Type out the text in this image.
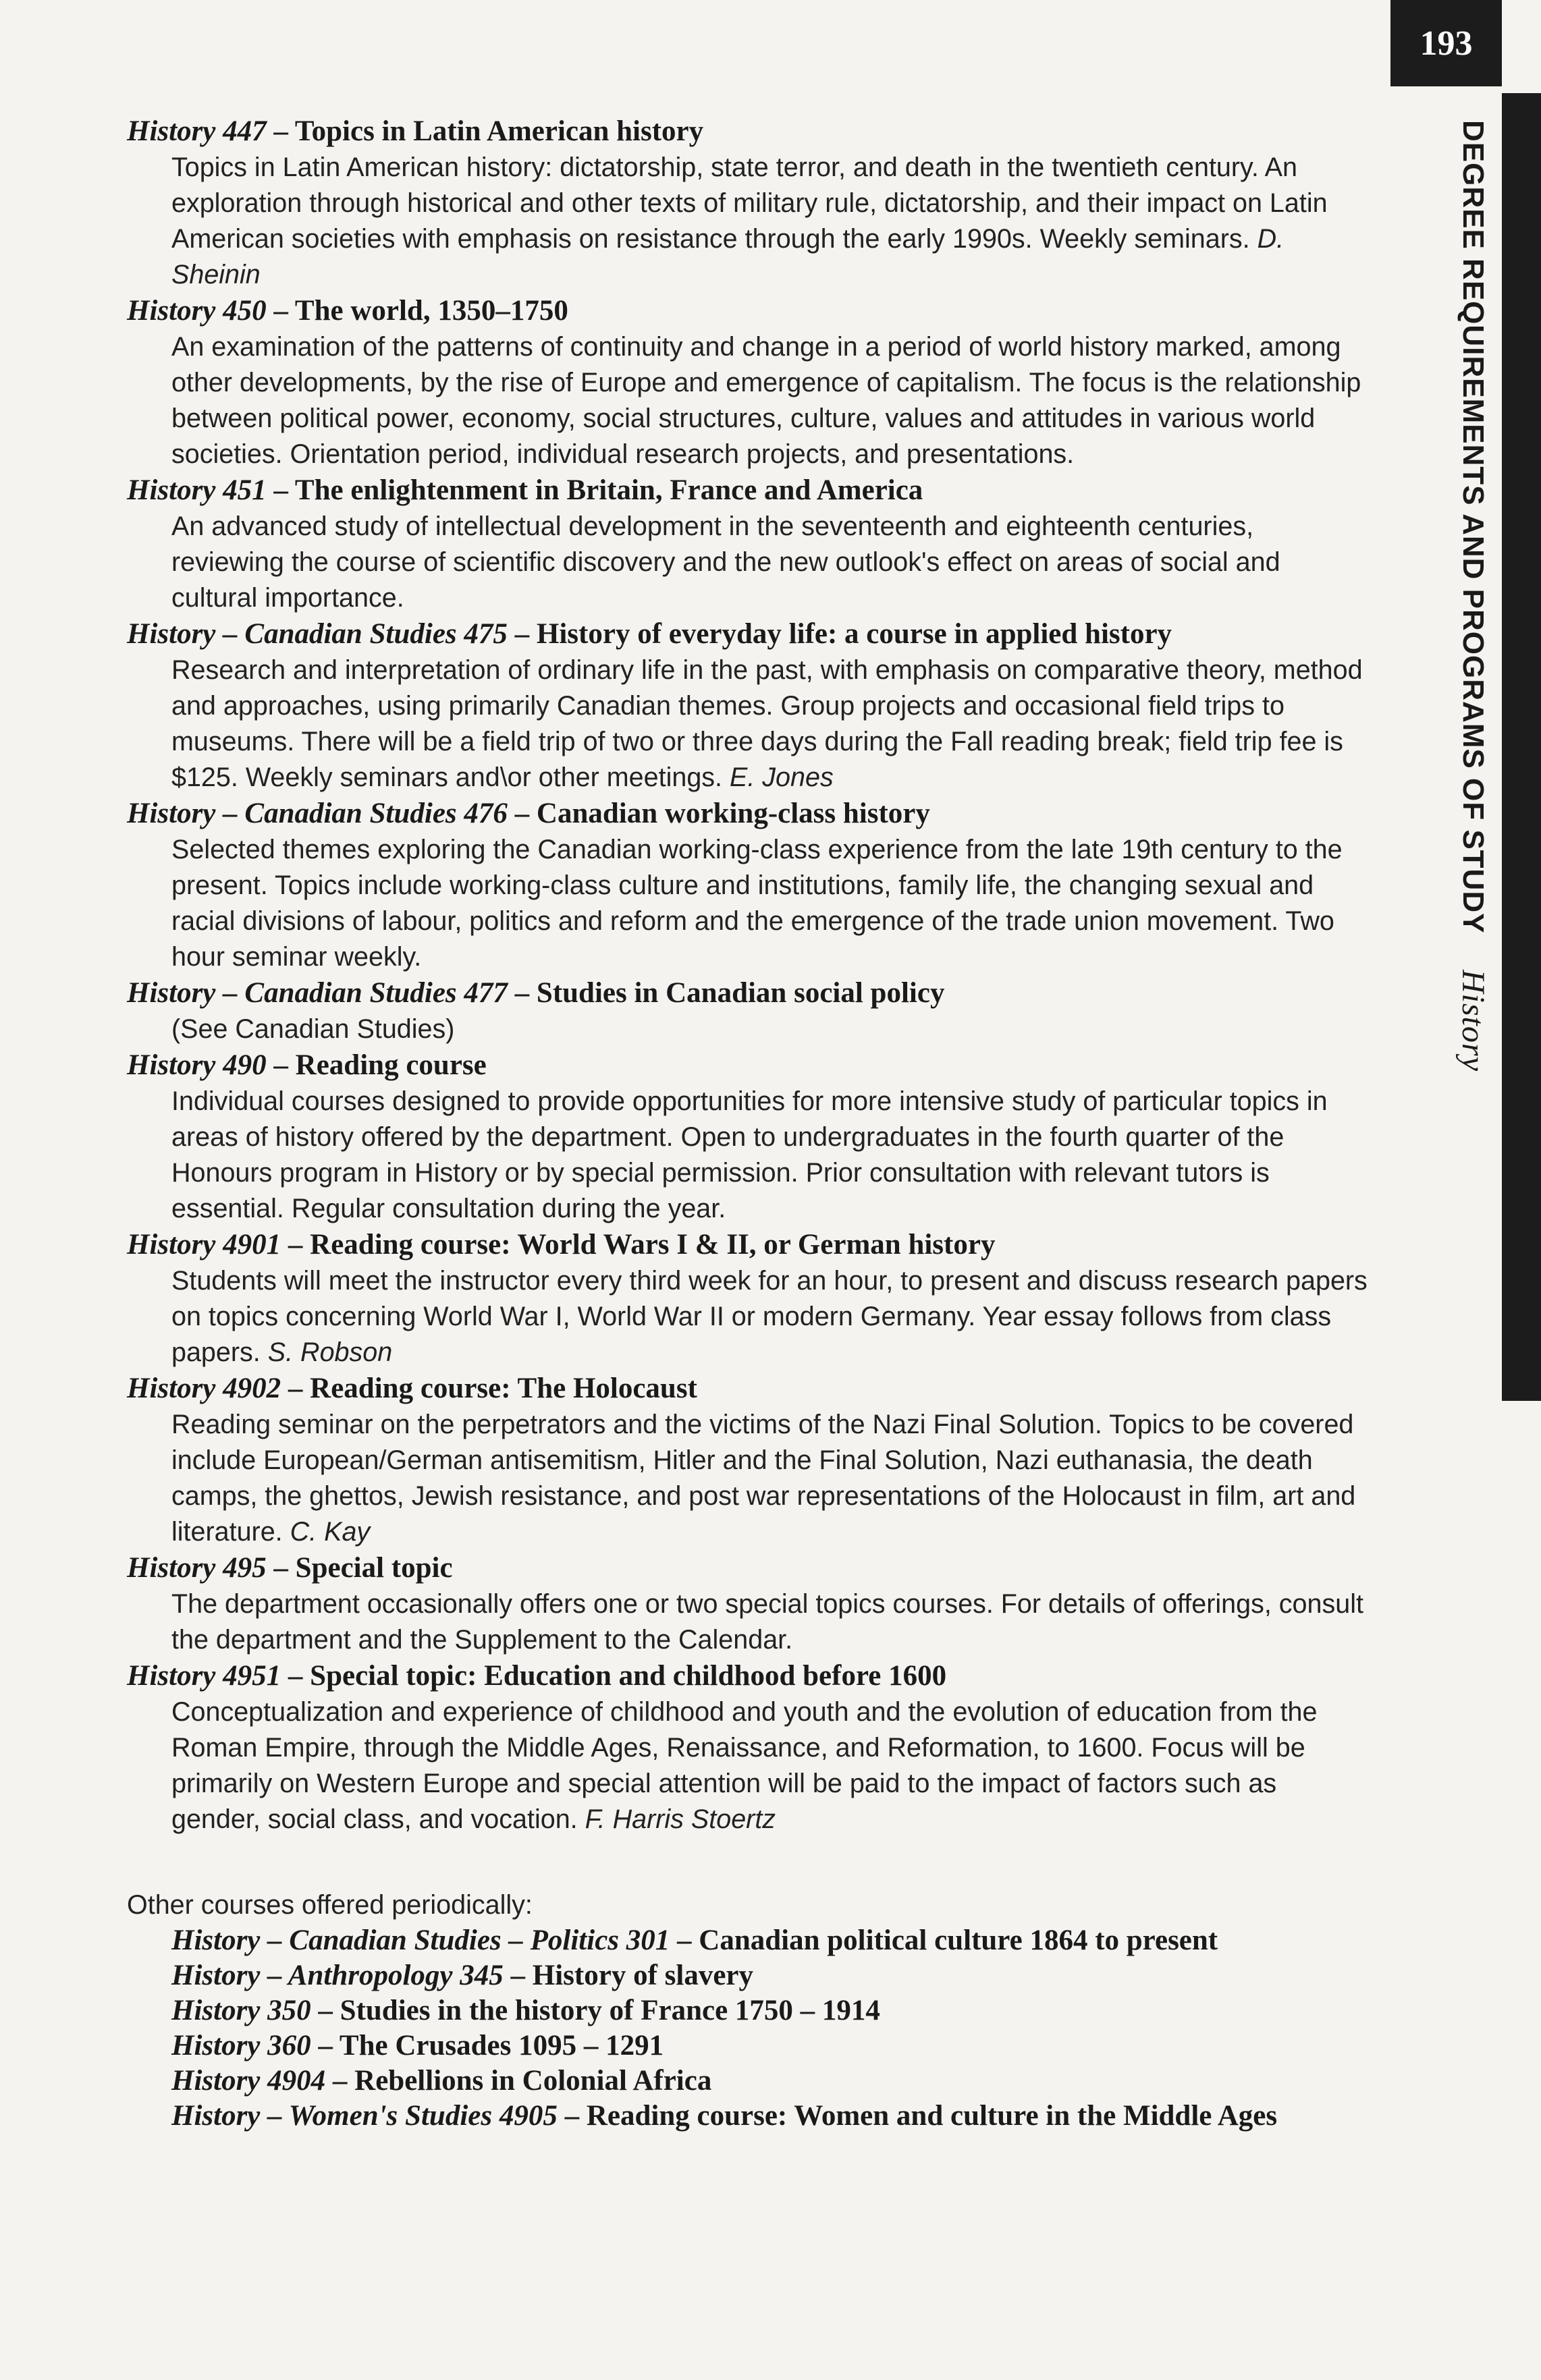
193
DEGREE REQUIREMENTS AND PROGRAMS OF STUDY History
History 447 – Topics in Latin American history
Topics in Latin American history: dictatorship, state terror, and death in the twentieth century. An exploration through historical and other texts of military rule, dictatorship, and their impact on Latin American societies with emphasis on resistance through the early 1990s. Weekly seminars. D. Sheinin
History 450 – The world, 1350–1750
An examination of the patterns of continuity and change in a period of world history marked, among other developments, by the rise of Europe and emergence of capitalism. The focus is the relationship between political power, economy, social structures, culture, values and attitudes in various world societies. Orientation period, individual research projects, and presentations.
History 451 – The enlightenment in Britain, France and America
An advanced study of intellectual development in the seventeenth and eighteenth centuries, reviewing the course of scientific discovery and the new outlook's effect on areas of social and cultural importance.
History – Canadian Studies 475 – History of everyday life: a course in applied history
Research and interpretation of ordinary life in the past, with emphasis on comparative theory, method and approaches, using primarily Canadian themes. Group projects and occasional field trips to museums. There will be a field trip of two or three days during the Fall reading break; field trip fee is $125. Weekly seminars and\or other meetings. E. Jones
History – Canadian Studies 476 – Canadian working-class history
Selected themes exploring the Canadian working-class experience from the late 19th century to the present. Topics include working-class culture and institutions, family life, the changing sexual and racial divisions of labour, politics and reform and the emergence of the trade union movement. Two hour seminar weekly.
History – Canadian Studies 477 – Studies in Canadian social policy
(See Canadian Studies)
History 490 – Reading course
Individual courses designed to provide opportunities for more intensive study of particular topics in areas of history offered by the department. Open to undergraduates in the fourth quarter of the Honours program in History or by special permission. Prior consultation with relevant tutors is essential. Regular consultation during the year.
History 4901 – Reading course: World Wars I & II, or German history
Students will meet the instructor every third week for an hour, to present and discuss research papers on topics concerning World War I, World War II or modern Germany. Year essay follows from class papers. S. Robson
History 4902 – Reading course: The Holocaust
Reading seminar on the perpetrators and the victims of the Nazi Final Solution. Topics to be covered include European/German antisemitism, Hitler and the Final Solution, Nazi euthanasia, the death camps, the ghettos, Jewish resistance, and post war representations of the Holocaust in film, art and literature. C. Kay
History 495 – Special topic
The department occasionally offers one or two special topics courses. For details of offerings, consult the department and the Supplement to the Calendar.
History 4951 – Special topic: Education and childhood before 1600
Conceptualization and experience of childhood and youth and the evolution of education from the Roman Empire, through the Middle Ages, Renaissance, and Reformation, to 1600. Focus will be primarily on Western Europe and special attention will be paid to the impact of factors such as gender, social class, and vocation. F. Harris Stoertz
Other courses offered periodically:
History – Canadian Studies – Politics 301 – Canadian political culture 1864 to present
History – Anthropology 345 – History of slavery
History 350 – Studies in the history of France 1750 – 1914
History 360 – The Crusades 1095 – 1291
History 4904 – Rebellions in Colonial Africa
History – Women's Studies 4905 – Reading course: Women and culture in the Middle Ages
